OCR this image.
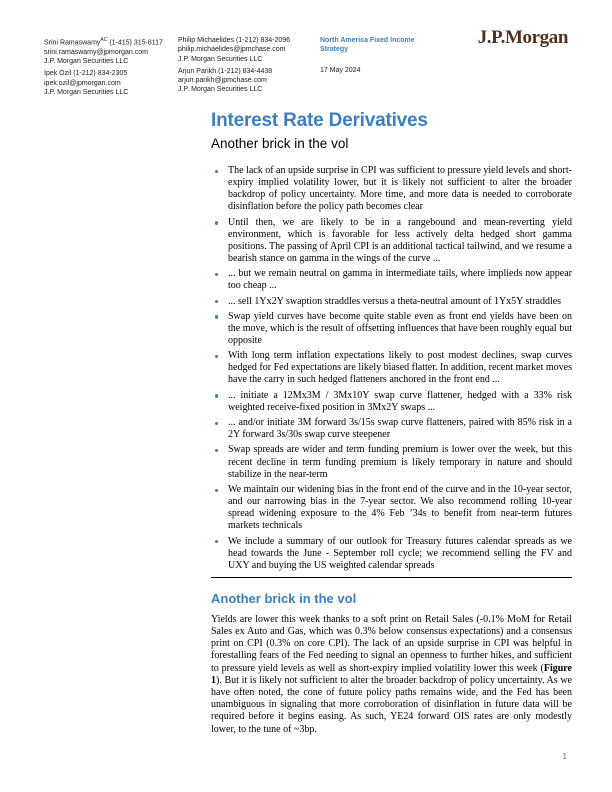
Srini Ramaswamy$^{AC}$ (1-415) 315-8117
srini.ramaswamy@jpmorgan.com
J.P. Morgan Securities LLC
Ipek Ozil (1-212) 834-2305
ipek.ozil@jpmorgan.com
J.P. Morgan Securities LLC
Philip Michaelides (1-212) 834-2096
philip.michaelides@jpmchase.com
J.P. Morgan Securities LLC
Arjun Parikh (1-212) 834-4438
arjun.parikh@jpmchase.com
J.P. Morgan Securities LLC
North America Fixed Income Strategy
17 May 2024
J.P.Morgan
Interest Rate Derivatives
Another brick in the vol
The lack of an upside surprise in CPI was sufficient to pressure yield levels and short-expiry implied volatility lower, but it is likely not sufficient to alter the broader backdrop of policy uncertainty. More time, and more data is needed to corroborate disinflation before the policy path becomes clear
Until then, we are likely to be in a rangebound and mean-reverting yield environment, which is favorable for less actively delta hedged short gamma positions. The passing of April CPI is an additional tactical tailwind, and we resume a bearish stance on gamma in the wings of the curve ...
... but we remain neutral on gamma in intermediate tails, where implieds now appear too cheap ...
... sell 1Yx2Y swaption straddles versus a theta-neutral amount of 1Yx5Y straddles
Swap yield curves have become quite stable even as front end yields have been on the move, which is the result of offsetting influences that have been roughly equal but opposite
With long term inflation expectations likely to post modest declines, swap curves hedged for Fed expectations are likely biased flatter. In addition, recent market moves have the carry in such hedged flatteners anchored in the front end ...
... initiate a 12Mx3M / 3Mx10Y swap curve flattener, hedged with a 33% risk weighted receive-fixed position in 3Mx2Y swaps ...
... and/or initiate 3M forward 3s/15s swap curve flatteners, paired with 85% risk in a 2Y forward 3s/30s swap curve steepener
Swap spreads are wider and term funding premium is lower over the week, but this recent decline in term funding premium is likely temporary in nature and should stabilize in the near-term
We maintain our widening bias in the front end of the curve and in the 10-year sector, and our narrowing bias in the 7-year sector. We also recommend rolling 10-year spread widening exposure to the 4% Feb ’34s to benefit from near-term futures markets technicals
We include a summary of our outlook for Treasury futures calendar spreads as we head towards the June - September roll cycle; we recommend selling the FV and UXY and buying the US weighted calendar spreads
Another brick in the vol
Yields are lower this week thanks to a soft print on Retail Sales (-0.1% MoM for Retail Sales ex Auto and Gas, which was 0.3% below consensus expectations) and a consensus print on CPI (0.3% on core CPI). The lack of an upside surprise in CPI was helpful in forestalling fears of the Fed needing to signal an openness to further hikes, and sufficient to pressure yield levels as well as short-expiry implied volatility lower this week (Figure 1). But it is likely not sufficient to alter the broader backdrop of policy uncertainty. As we have often noted, the cone of future policy paths remains wide, and the Fed has been unambiguous in signaling that more corroboration of disinflation in future data will be required before it begins easing. As such, YE24 forward OIS rates are only modestly lower, to the tune of ~3bp.
1
